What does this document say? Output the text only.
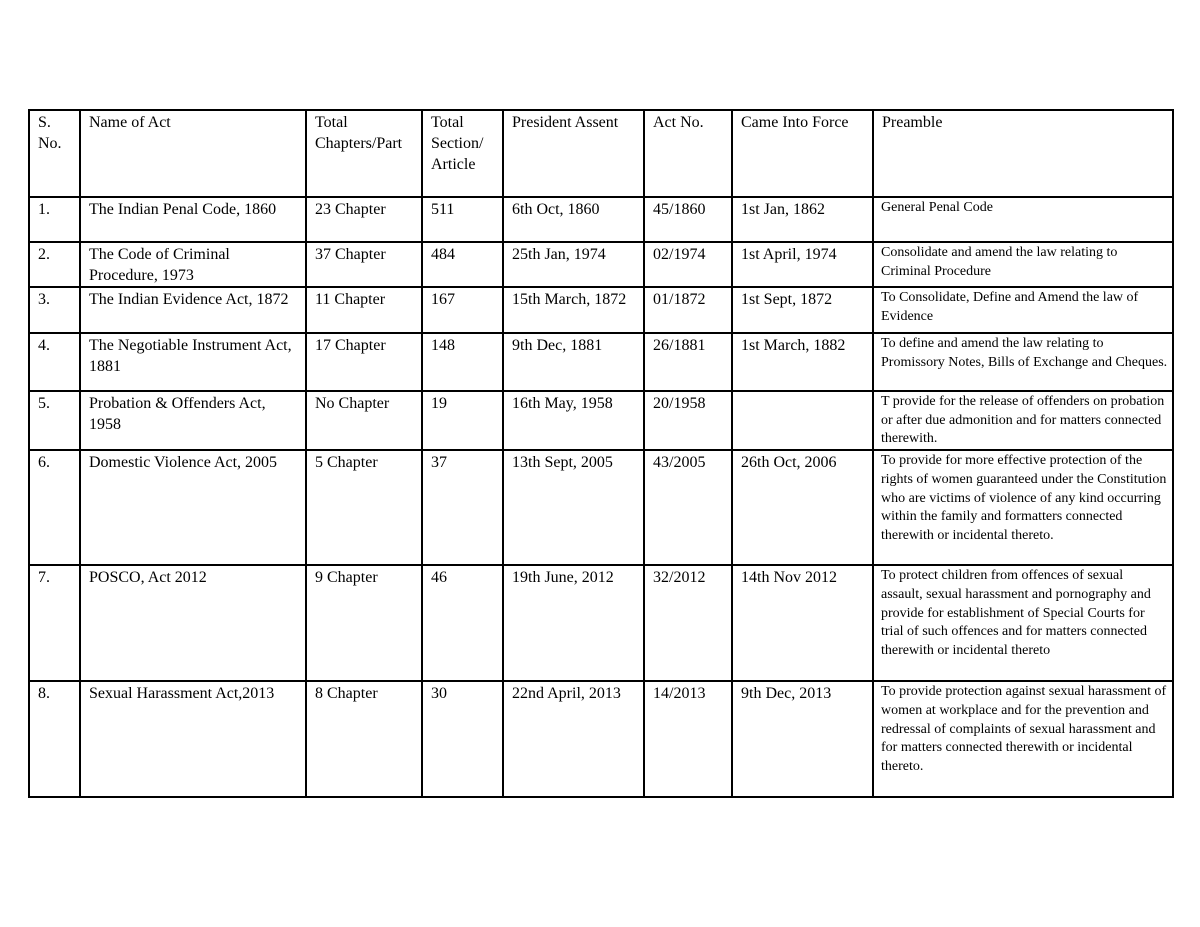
S. No.	Name of Act	Total Chapters/Part	Total Section/ Article	President Assent	Act No.	Came Into Force	Preamble
1.	The Indian Penal Code, 1860	23 Chapter	511	6th Oct, 1860	45/1860	1st Jan, 1862	General Penal Code
2.	The Code of Criminal Procedure, 1973	37 Chapter	484	25th Jan, 1974	02/1974	1st April, 1974	Consolidate and amend the law relating to Criminal Procedure
3.	The Indian Evidence Act, 1872	11 Chapter	167	15th March, 1872	01/1872	1st Sept, 1872	To Consolidate, Define and Amend the law of Evidence
4.	The Negotiable Instrument Act, 1881	17 Chapter	148	9th Dec, 1881	26/1881	1st March, 1882	To define and amend the law relating to Promissory Notes, Bills of Exchange and Cheques.
5.	Probation & Offenders Act, 1958	No Chapter	19	16th May, 1958	20/1958		T provide for the release of offenders on probation or after due admonition and for matters connected therewith.
6.	Domestic Violence Act, 2005	5 Chapter	37	13th Sept, 2005	43/2005	26th Oct, 2006	To provide for more effective protection of the rights of women guaranteed under the Constitution who are victims of violence of any kind occurring within the family and formatters connected therewith or incidental thereto.
7.	POSCO, Act 2012	9 Chapter	46	19th June, 2012	32/2012	14th Nov 2012	To protect children from offences of sexual assault, sexual harassment and pornography and provide for establishment of Special Courts for trial of such offences and for matters connected therewith or incidental thereto
8.	Sexual Harassment Act,2013	8 Chapter	30	22nd April, 2013	14/2013	9th Dec, 2013	To provide protection against sexual harassment of women at workplace and for the prevention and redressal of complaints of sexual harassment and for matters connected therewith or incidental thereto.
